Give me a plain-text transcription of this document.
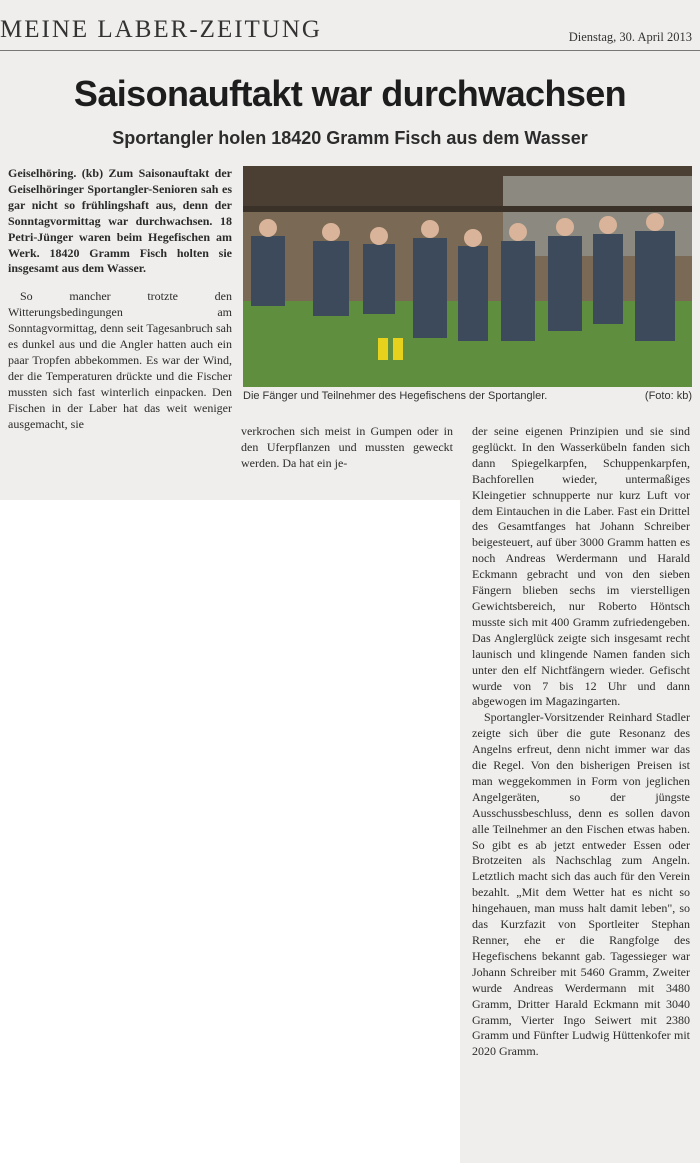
MEINE LABER-ZEITUNG	Dienstag, 30. April 2013
Saisonauftakt war durchwachsen
Sportangler holen 18420 Gramm Fisch aus dem Wasser

Geiselhöring. (kb) Zum Saisonauftakt der Geiselhöringer Sportangler-Senioren sah es gar nicht so frühlingshaft aus, denn der Sonntagvormittag war durchwachsen. 18 Petri-Jünger waren beim Hegefischen am Werk. 18420 Gramm Fisch holten sie insgesamt aus dem Wasser.

So mancher trotzte den Witterungsbedingungen am Sonntagvormittag, denn seit Tagesanbruch sah es dunkel aus und die Angler hatten auch ein paar Tropfen abbekommen. Es war der Wind, der die Temperaturen drückte und die Fischer mussten sich fast winterlich einpacken. Den Fischen in der Laber hat das weit weniger ausgemacht, sie

Die Fänger und Teilnehmer des Hegefischens der Sportangler.	(Foto: kb)

verkrochen sich meist in Gumpen oder in den Uferpflanzen und mussten geweckt werden. Da hat ein je-

der seine eigenen Prinzipien und sie sind geglückt. In den Wasserkübeln fanden sich dann Spiegelkarpfen, Schuppenkarpfen, Bachforellen wieder, untermaßiges Kleingetier schnupperte nur kurz Luft vor dem Eintauchen in die Laber. Fast ein Drittel des Gesamtfanges hat Johann Schreiber beigesteuert, auf über 3000 Gramm hatten es noch Andreas Werdermann und Harald Eckmann gebracht und von den sieben Fängern blieben sechs im vierstelligen Gewichtsbereich, nur Roberto Höntsch musste sich mit 400 Gramm zufriedengeben. Das Anglerglück zeigte sich insgesamt recht launisch und klingende Namen fanden sich unter den elf Nichtfängern wieder. Gefischt wurde von 7 bis 12 Uhr und dann abgewogen im Magazingarten.

Sportangler-Vorsitzender Reinhard Stadler zeigte sich über die gute Resonanz des Angelns erfreut, denn nicht immer war das die Regel. Von den bisherigen Preisen ist man weggekommen in Form von jeglichen Angelgeräten, so der jüngste Ausschussbeschluss, denn es sollen davon alle Teilnehmer an den Fischen etwas haben. So gibt es ab jetzt entweder Essen oder Brotzeiten als Nachschlag zum Angeln. Letztlich macht sich das auch für den Verein bezahlt. „Mit dem Wetter hat es nicht so hingehauen, man muss halt damit leben", so das Kurzfazit von Sportleiter Stephan Renner, ehe er die Rangfolge des Hegefischens bekannt gab. Tagessieger war Johann Schreiber mit 5460 Gramm, Zweiter wurde Andreas Werdermann mit 3480 Gramm, Dritter Harald Eckmann mit 3040 Gramm, Vierter Ingo Seiwert mit 2380 Gramm und Fünfter Ludwig Hüttenkofer mit 2020 Gramm.
